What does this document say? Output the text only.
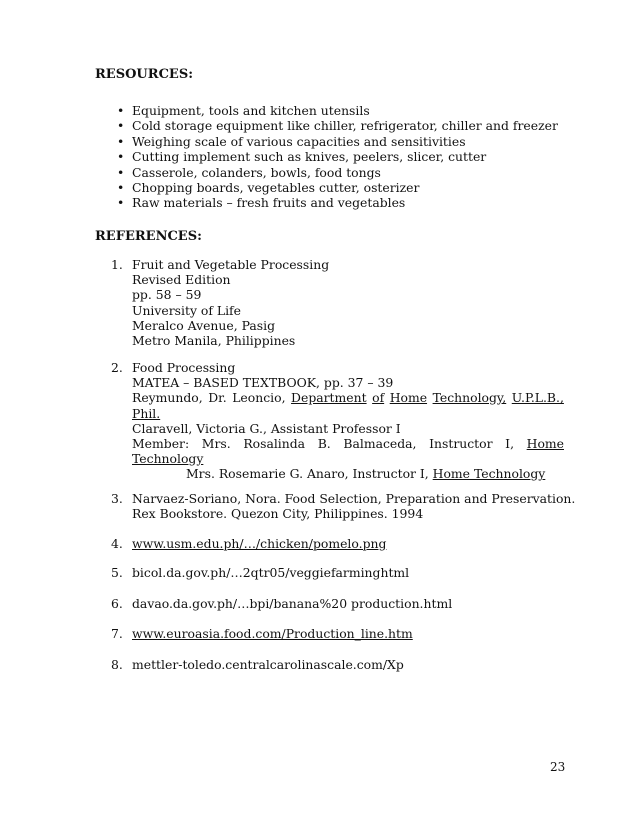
RESOURCES:
• Equipment, tools and kitchen utensils
• Cold storage equipment like chiller, refrigerator, chiller and freezer
• Weighing scale of various capacities and sensitivities
• Cutting implement such as knives, peelers, slicer, cutter
• Casserole, colanders, bowls, food tongs
• Chopping boards, vegetables cutter, osterizer
• Raw materials – fresh fruits and vegetables
REFERENCES:
1. Fruit and Vegetable Processing
Revised Edition
pp. 58 – 59
University of Life
Meralco Avenue, Pasig
Metro Manila, Philippines
2. Food Processing
MATEA – BASED TEXTBOOK, pp. 37 – 39
Reymundo, Dr. Leoncio, Department of Home Technology, U.P.L.B.,
Phil.
Claravell, Victoria G., Assistant Professor I
Member: Mrs. Rosalinda B. Balmaceda, Instructor I, Home
Technology
Mrs. Rosemarie G. Anaro, Instructor I, Home Technology
3. Narvaez-Soriano, Nora. Food Selection, Preparation and Preservation.
Rex Bookstore. Quezon City, Philippines. 1994
4. www.usm.edu.ph/…/chicken/pomelo.png
5. bicol.da.gov.ph/…2qtr05/veggiefarminghtml
6. davao.da.gov.ph/…bpi/banana%20 production.html
7. www.euroasia.food.com/Production_line.htm
8. mettler-toledo.centralcarolinascale.com/Xp
23
